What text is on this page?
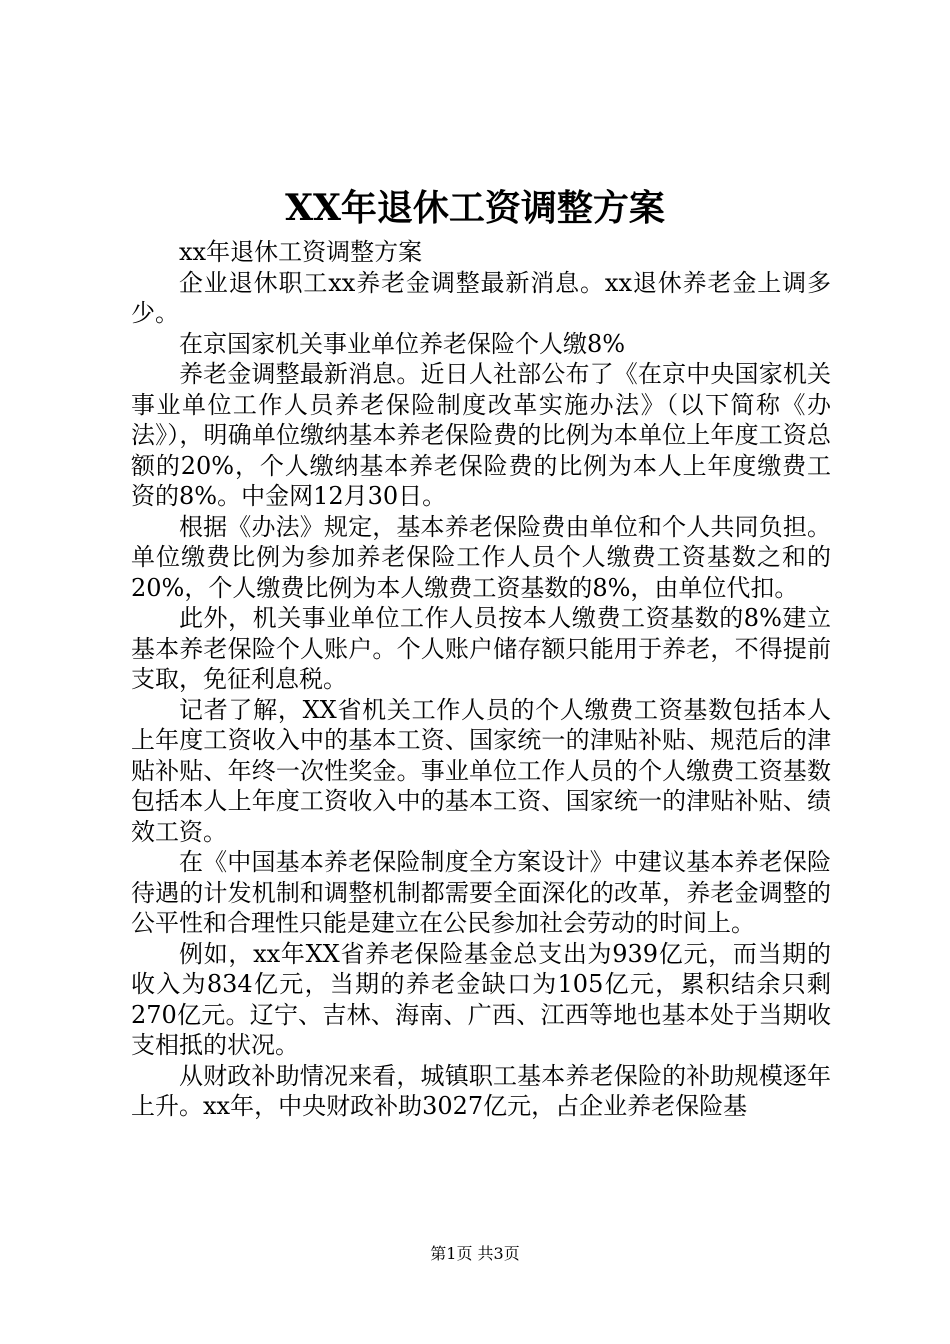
XX年退休工资调整方案

xx年退休工资调整方案

企业退休职工xx养老金调整最新消息。xx退休养老金上调多少。

在京国家机关事业单位养老保险个人缴8%

养老金调整最新消息。近日人社部公布了《在京中央国家机关事业单位工作人员养老保险制度改革实施办法》（以下简称《办法》），明确单位缴纳基本养老保险费的比例为本单位上年度工资总额的20%，个人缴纳基本养老保险费的比例为本人上年度缴费工资的8%。中金网12月30日。

根据《办法》规定，基本养老保险费由单位和个人共同负担。单位缴费比例为参加养老保险工作人员个人缴费工资基数之和的20%，个人缴费比例为本人缴费工资基数的8%，由单位代扣。

此外，机关事业单位工作人员按本人缴费工资基数的8%建立基本养老保险个人账户。个人账户储存额只能用于养老，不得提前支取，免征利息税。

记者了解，XX省机关工作人员的个人缴费工资基数包括本人上年度工资收入中的基本工资、国家统一的津贴补贴、规范后的津贴补贴、年终一次性奖金。事业单位工作人员的个人缴费工资基数包括本人上年度工资收入中的基本工资、国家统一的津贴补贴、绩效工资。

在《中国基本养老保险制度全方案设计》中建议基本养老保险待遇的计发机制和调整机制都需要全面深化的改革，养老金调整的公平性和合理性只能是建立在公民参加社会劳动的时间上。

例如，xx年XX省养老保险基金总支出为939亿元，而当期的收入为834亿元，当期的养老金缺口为105亿元，累积结余只剩270亿元。辽宁、吉林、海南、广西、江西等地也基本处于当期收支相抵的状况。

从财政补助情况来看，城镇职工基本养老保险的补助规模逐年上升。xx年，中央财政补助3027亿元，占企业养老保险基

第1页 共3页
